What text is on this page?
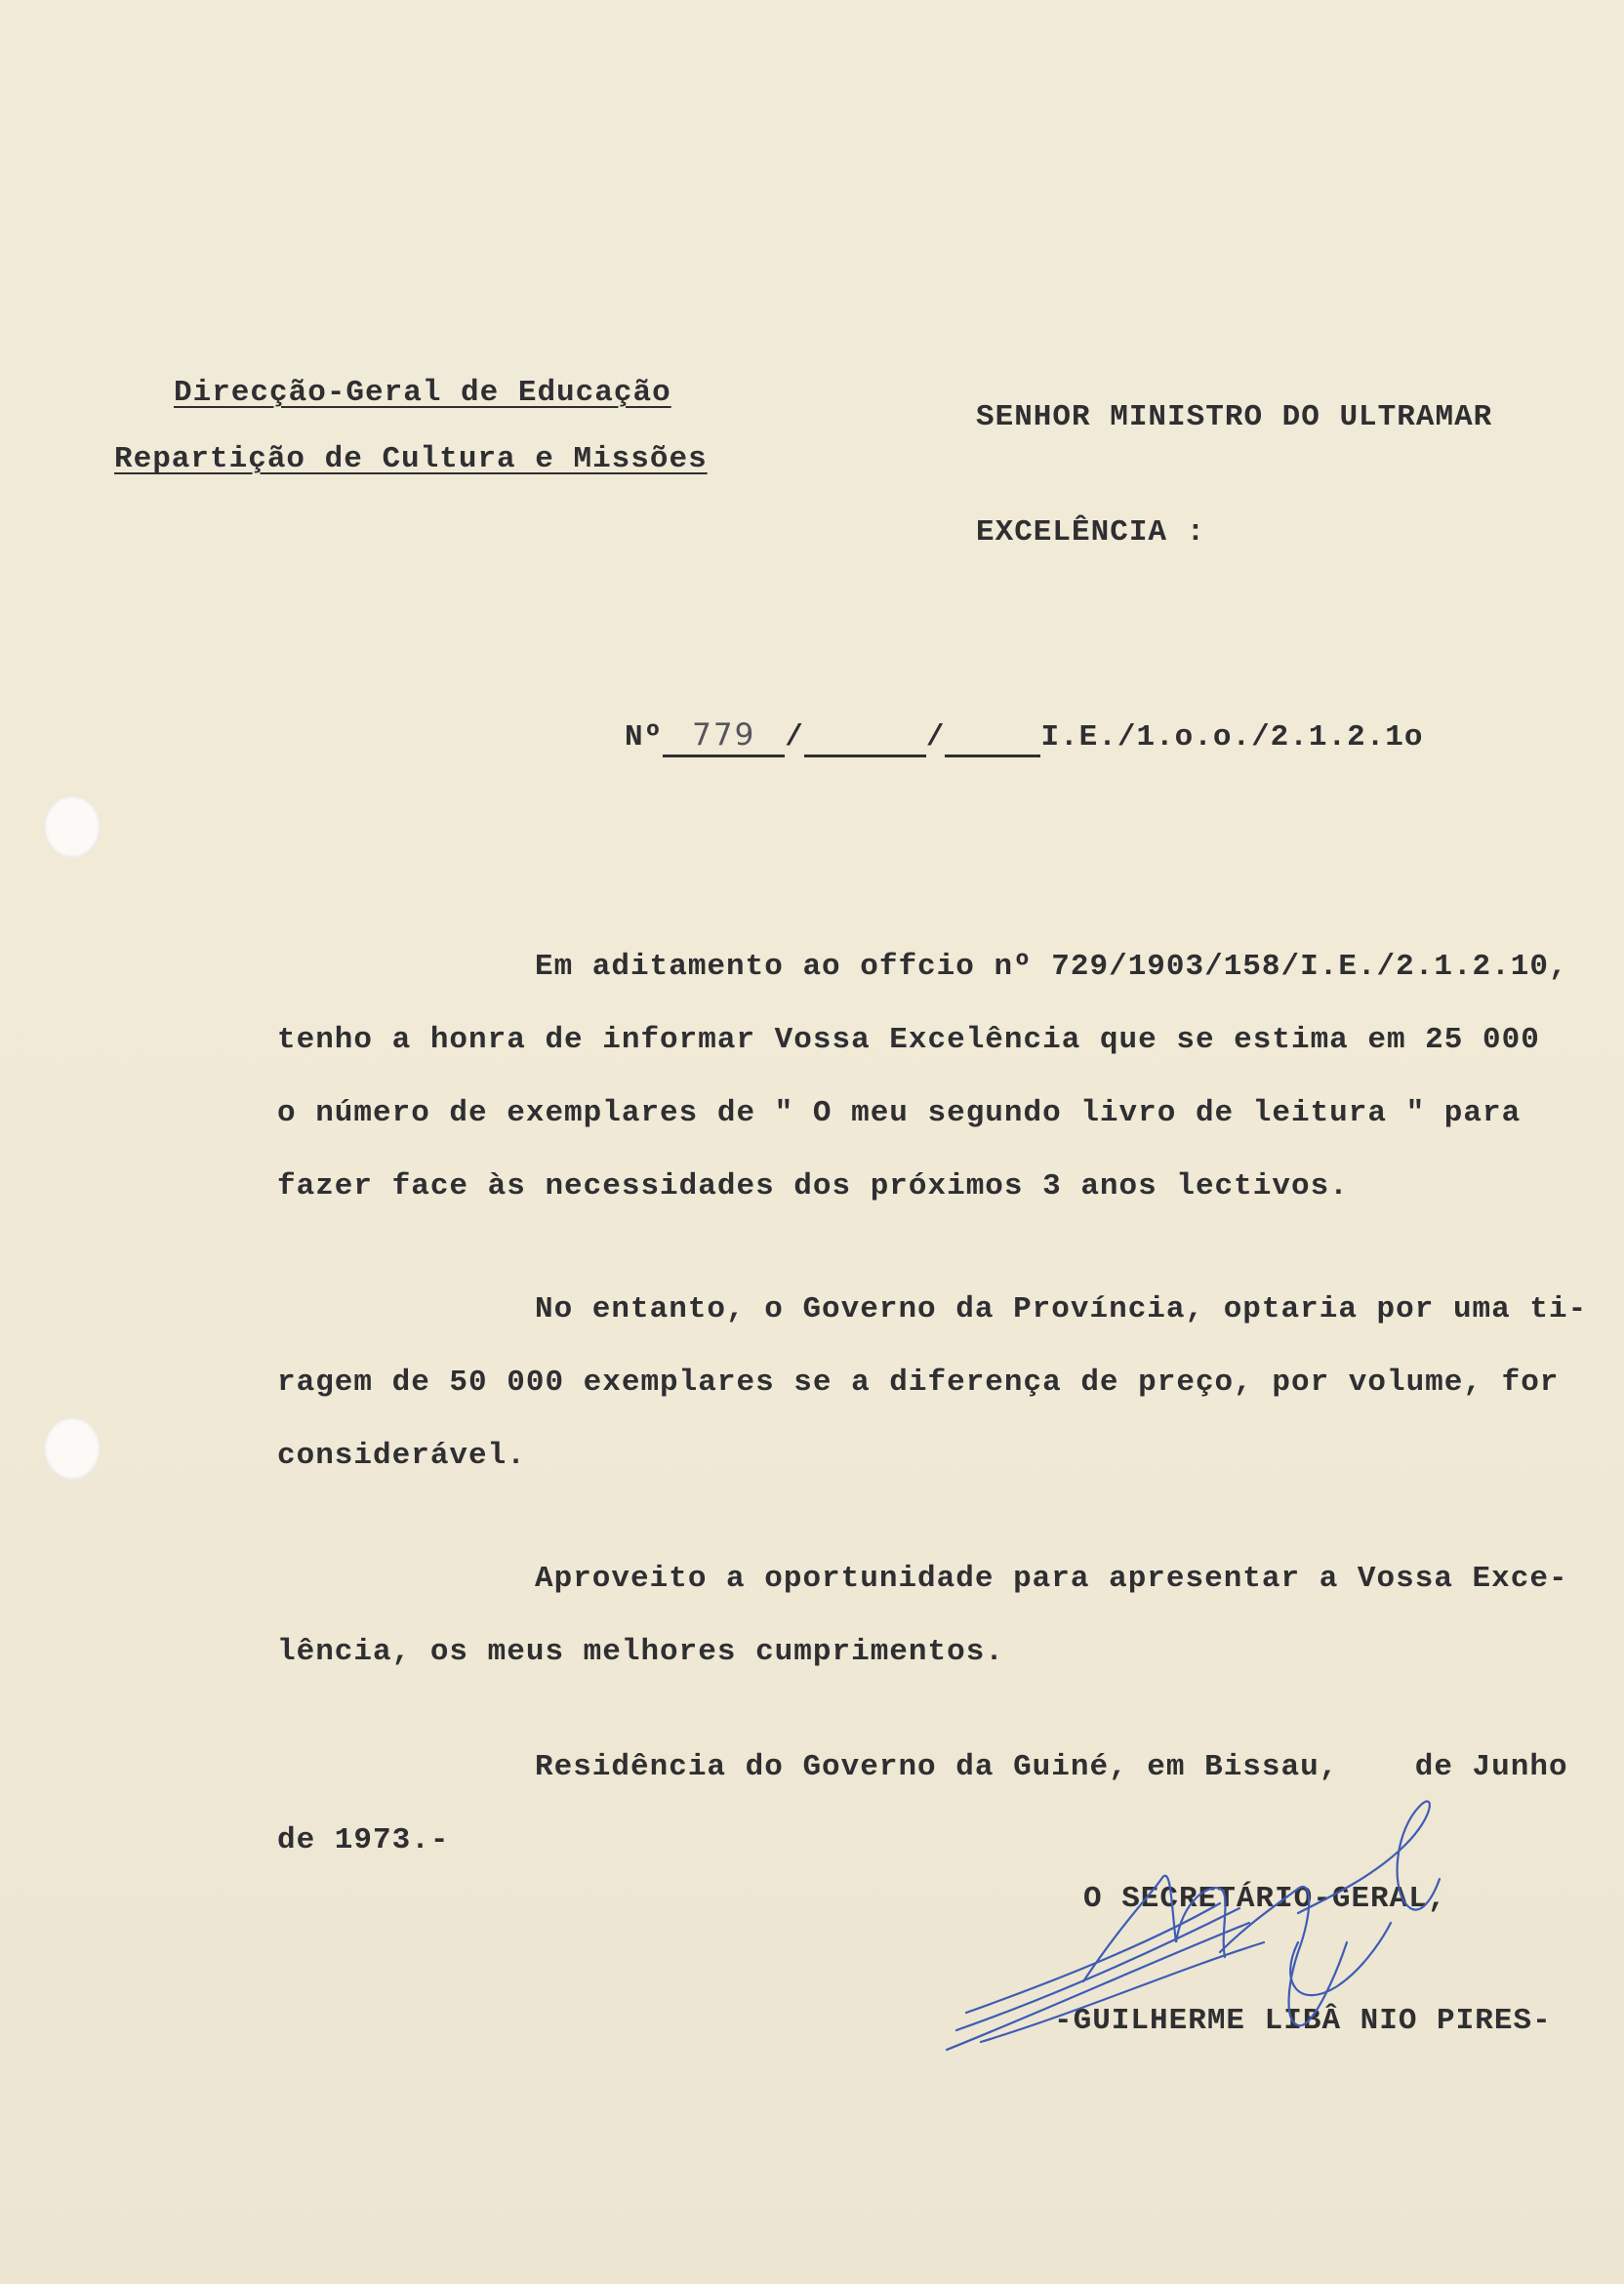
Direcção-Geral de Educação
Repartição de Cultura e Missões
SENHOR MINISTRO DO ULTRAMAR
EXCELÊNCIA :
Nº 779 /	/	I.E./1.o.o./2.1.2.1o
Em aditamento ao offcio nº 729/1903/158/I.E./2.1.2.10,
tenho a honra de informar Vossa Excelência que se estima em 25 000
o número de exemplares de " O meu segundo livro de leitura " para
fazer face às necessidades dos próximos 3 anos lectivos.
No entanto, o Governo da Província, optaria por uma ti-
ragem de 50 000 exemplares se a diferença de preço, por volume, for
considerável.
Aproveito a oportunidade para apresentar a Vossa Exce-
lência, os meus melhores cumprimentos.
Residência do Governo da Guiné, em Bissau,    de Junho
de 1973.-
O SECRETÁRIO-GERAL,
-GUILHERME LIBÂ NIO PIRES-
